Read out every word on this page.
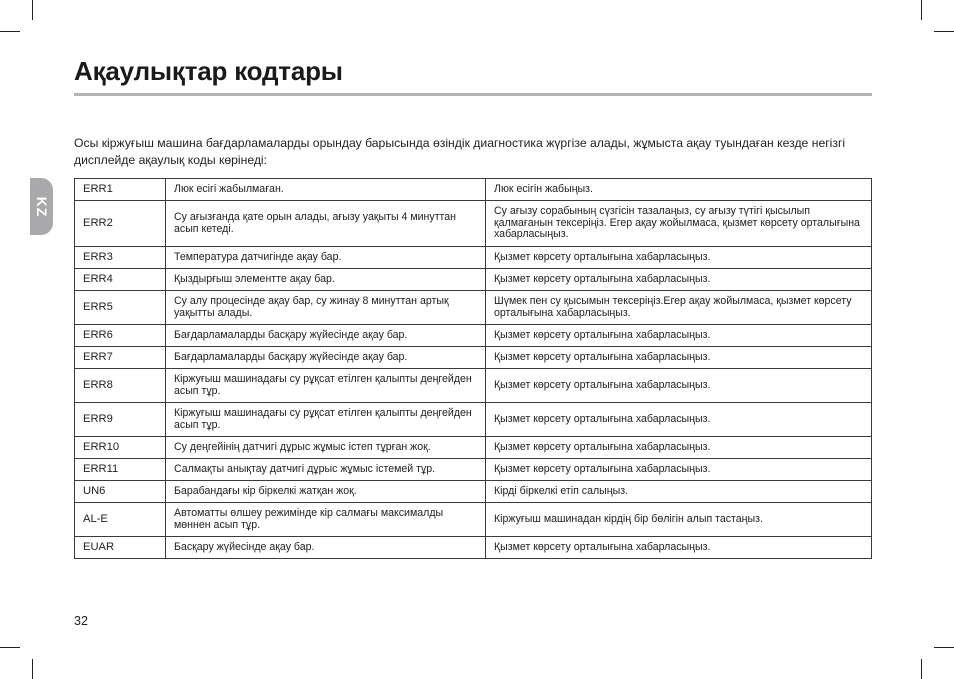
Ақаулықтар кодтары
KZ

Осы кіржуғыш машина бағдарламаларды орындау барысында өзіндік диагностика жүргізе алады, жұмыста ақау туындаған кезде негізгі дисплейде ақаулық коды көрінеді:

ERR1	Люк есігі жабылмаған.	Люк есігін жабыңыз.
ERR2	Су ағызғанда қате орын алады, ағызу уақыты 4 минуттан асып кетеді.	Су ағызу сорабының сүзгісін тазалаңыз, су ағызу түтігі қысылып қалмағанын тексеріңіз. Егер ақау жойылмаса, қызмет көрсету орталығына хабарласыңыз.
ERR3	Температура датчигінде ақау бар.	Қызмет көрсету орталығына хабарласыңыз.
ERR4	Қыздырғыш элементте ақау бар.	Қызмет көрсету орталығына хабарласыңыз.
ERR5	Су алу процесінде ақау бар, су жинау 8 минуттан артық уақытты алады.	Шүмек пен су қысымын тексеріңіз.Егер ақау жойылмаса, қызмет көрсету орталығына хабарласыңыз.
ERR6	Бағдарламаларды басқару жүйесінде ақау бар.	Қызмет көрсету орталығына хабарласыңыз.
ERR7	Бағдарламаларды басқару жүйесінде ақау бар.	Қызмет көрсету орталығына хабарласыңыз.
ERR8	Кіржуғыш машинадағы су рұқсат етілген қалыпты деңгейден асып тұр.	Қызмет көрсету орталығына хабарласыңыз.
ERR9	Кіржуғыш машинадағы су рұқсат етілген қалыпты деңгейден асып тұр.	Қызмет көрсету орталығына хабарласыңыз.
ERR10	Су деңгейінің датчигі дұрыс жұмыс істеп тұрған жоқ.	Қызмет көрсету орталығына хабарласыңыз.
ERR11	Салмақты анықтау датчигі дұрыс жұмыс істемей тұр.	Қызмет көрсету орталығына хабарласыңыз.
UN6	Барабандағы кір біркелкі жатқан жоқ.	Кірді біркелкі етіп салыңыз.
AL-E	Автоматты өлшеу режимінде кір салмағы максималды мөннен асып тұр.	Кіржуғыш машинадан кірдің бір бөлігін алып тастаңыз.
EUAR	Басқару жүйесінде ақау бар.	Қызмет көрсету орталығына хабарласыңыз.
32
